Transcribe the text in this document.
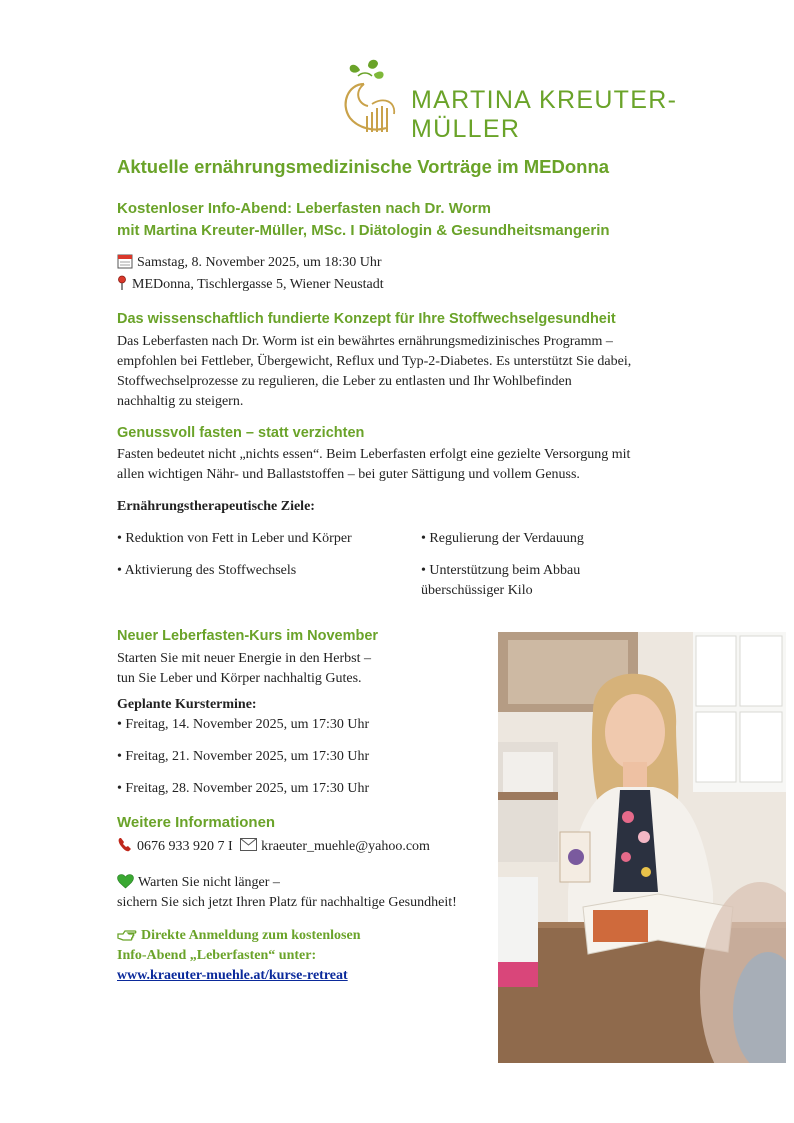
MARTINA KREUTER-MÜLLER
Aktuelle ernährungsmedizinische Vorträge im MEDonna
Kostenloser Info-Abend: Leberfasten nach Dr. Worm
mit Martina Kreuter-Müller, MSc. I Diätologin & Gesundheitsmangerin
Samstag, 8. November 2025, um 18:30 Uhr
MEDonna, Tischlergasse 5, Wiener Neustadt
Das wissenschaftlich fundierte Konzept für Ihre Stoffwechselgesundheit
Das Leberfasten nach Dr. Worm ist ein bewährtes ernährungsmedizinisches Programm –
empfohlen bei Fettleber, Übergewicht, Reflux und Typ-2-Diabetes. Es unterstützt Sie dabei,
Stoffwechselprozesse zu regulieren, die Leber zu entlasten und Ihr Wohlbefinden
nachhaltig zu steigern.
Genussvoll fasten – statt verzichten
Fasten bedeutet nicht „nichts essen“. Beim Leberfasten erfolgt eine gezielte Versorgung mit
allen wichtigen Nähr- und Ballaststoffen – bei guter Sättigung und vollem Genuss.
Ernährungstherapeutische Ziele:
• Reduktion von Fett in Leber und Körper	• Regulierung der Verdauung
• Aktivierung des Stoffwechsels	• Unterstützung beim Abbau
überschüssiger Kilo
Neuer Leberfasten-Kurs im November
Starten Sie mit neuer Energie in den Herbst –
tun Sie Leber und Körper nachhaltig Gutes.
Geplante Kurstermine:
• Freitag, 14. November 2025, um 17:30 Uhr
• Freitag, 21. November 2025, um 17:30 Uhr
• Freitag, 28. November 2025, um 17:30 Uhr
Weitere Informationen
0676 933 920 7 I kraeuter_muehle@yahoo.com
Warten Sie nicht länger –
sichern Sie sich jetzt Ihren Platz für nachhaltige Gesundheit!
Direkte Anmeldung zum kostenlosen
Info-Abend „Leberfasten“ unter:
www.kraeuter-muehle.at/kurse-retreat
